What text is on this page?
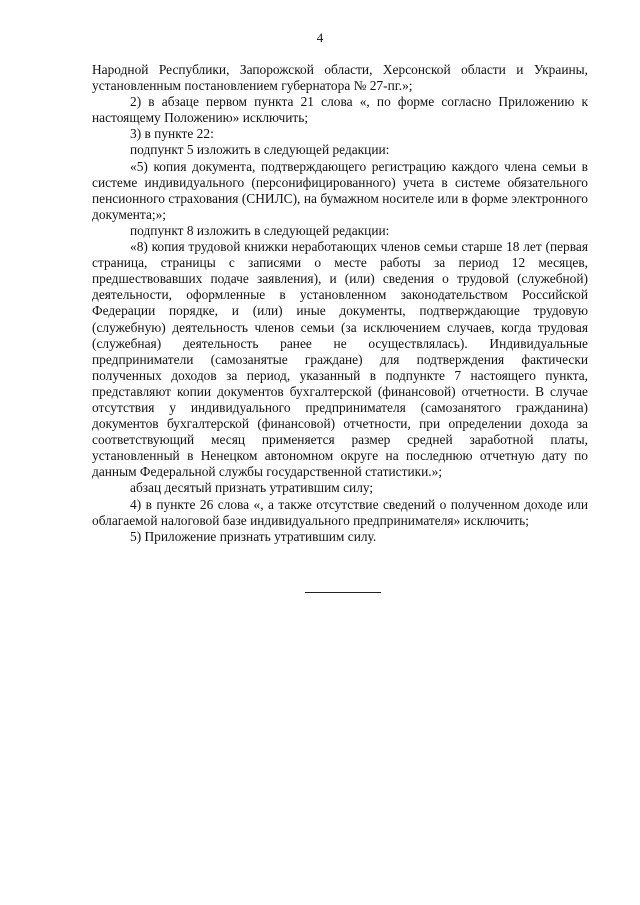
4

Народной Республики, Запорожской области, Херсонской области и Украины, установленным постановлением губернатора № 27-пг.»;

2) в абзаце первом пункта 21 слова «, по форме согласно Приложению к настоящему Положению» исключить;

3) в пункте 22:

подпункт 5 изложить в следующей редакции:

«5) копия документа, подтверждающего регистрацию каждого члена семьи в системе индивидуального (персонифицированного) учета в системе обязательного пенсионного страхования (СНИЛС), на бумажном носителе или в форме электронного документа;»;

подпункт 8 изложить в следующей редакции:

«8) копия трудовой книжки неработающих членов семьи старше 18 лет (первая страница, страницы с записями о месте работы за период 12 месяцев, предшествовавших подаче заявления), и (или) сведения о трудовой (служебной) деятельности, оформленные в установленном законодательством Российской Федерации порядке, и (или) иные документы, подтверждающие трудовую (служебную) деятельность членов семьи (за исключением случаев, когда трудовая (служебная) деятельность ранее не осуществлялась). Индивидуальные предприниматели (самозанятые граждане) для подтверждения фактически полученных доходов за период, указанный в подпункте 7 настоящего пункта, представляют копии документов бухгалтерской (финансовой) отчетности. В случае отсутствия у индивидуального предпринимателя (самозанятого гражданина) документов бухгалтерской (финансовой) отчетности, при определении дохода за соответствующий месяц применяется размер средней заработной платы, установленный в Ненецком автономном округе на последнюю отчетную дату по данным Федеральной службы государственной статистики.»;

абзац десятый признать утратившим силу;

4) в пункте 26 слова «, а также отсутствие сведений о полученном доходе или облагаемой налоговой базе индивидуального предпринимателя» исключить;

5) Приложение признать утратившим силу.
